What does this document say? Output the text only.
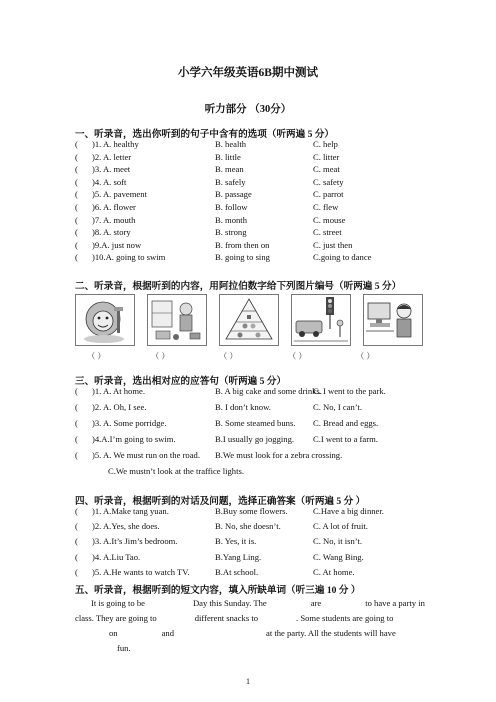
小学六年级英语6B期中测试
听力部分 （30分）
一、听录音，选出你听到的句子中含有的选项（听两遍 5 分）
( )1. A. healthy	B. health	C. help
( )2. A. letter	B. little	C. litter
( )3. A. meet	B. mean	C. meat
( )4. A. soft	B. safely	C. safety
( )5. A. pavement	B. passage	C. parrot
( )6. A. flower	B. follow	C. flew
( )7. A. mouth	B. month	C. mouse
( )8. A. story	B. strong	C. street
( )9.A. just now	B. from then on	C. just then
( )10.A. going to swim	B. going to sing	C.going to dance
二、听录音，根据听到的内容，用阿拉伯数字给下列图片编号（听两遍 5 分）
（ ）	（ ）	（ ）	（ ）	（ ）
三、听录音，选出相对应的应答句（听两遍 5 分）
( )1. A. At home.	B. A big cake and some drinks.
C. I went to the park.
( )2. A. Oh, I see.	B. I don’t know.	C. No, I can’t.
( )3. A. Some porridge.	B. Some steamed buns. C. Bread and eggs.
( )4.A.I’m going to swim.	B.I usually go jogging. C.I went to a farm.
( )5. A. We must run on the road. B.We must look for a zebra crossing.
C.We mustn’t look at the traffice lights.
四、听录音，根据听到的对话及问题，选择正确答案（听两遍 5 分 ）
( )1. A.Make tang yuan.	B.Buy some flowers.	C.Have a big dinner.
( )2. A.Yes, she does.	B. No, she doesn’t.	C. A lot of fruit.
( )3. A.It’s Jim’s bedroom.	B. Yes, it is.	C. No, it isn’t.
( )4. A.Liu Tao.	B.Yang Ling.	C. Wang Bing.
( )5. A.He wants to watch TV.	B.At school.	C. At home.
五、听录音，根据听到的短文内容，填入所缺单词（听三遍 10 分 ）
It is going to be	Day this Sunday. The	are	to have a party in
class. They are going to	different snacks to	. Some students are going to
on	and	at the party. All the students will have
fun.
1
